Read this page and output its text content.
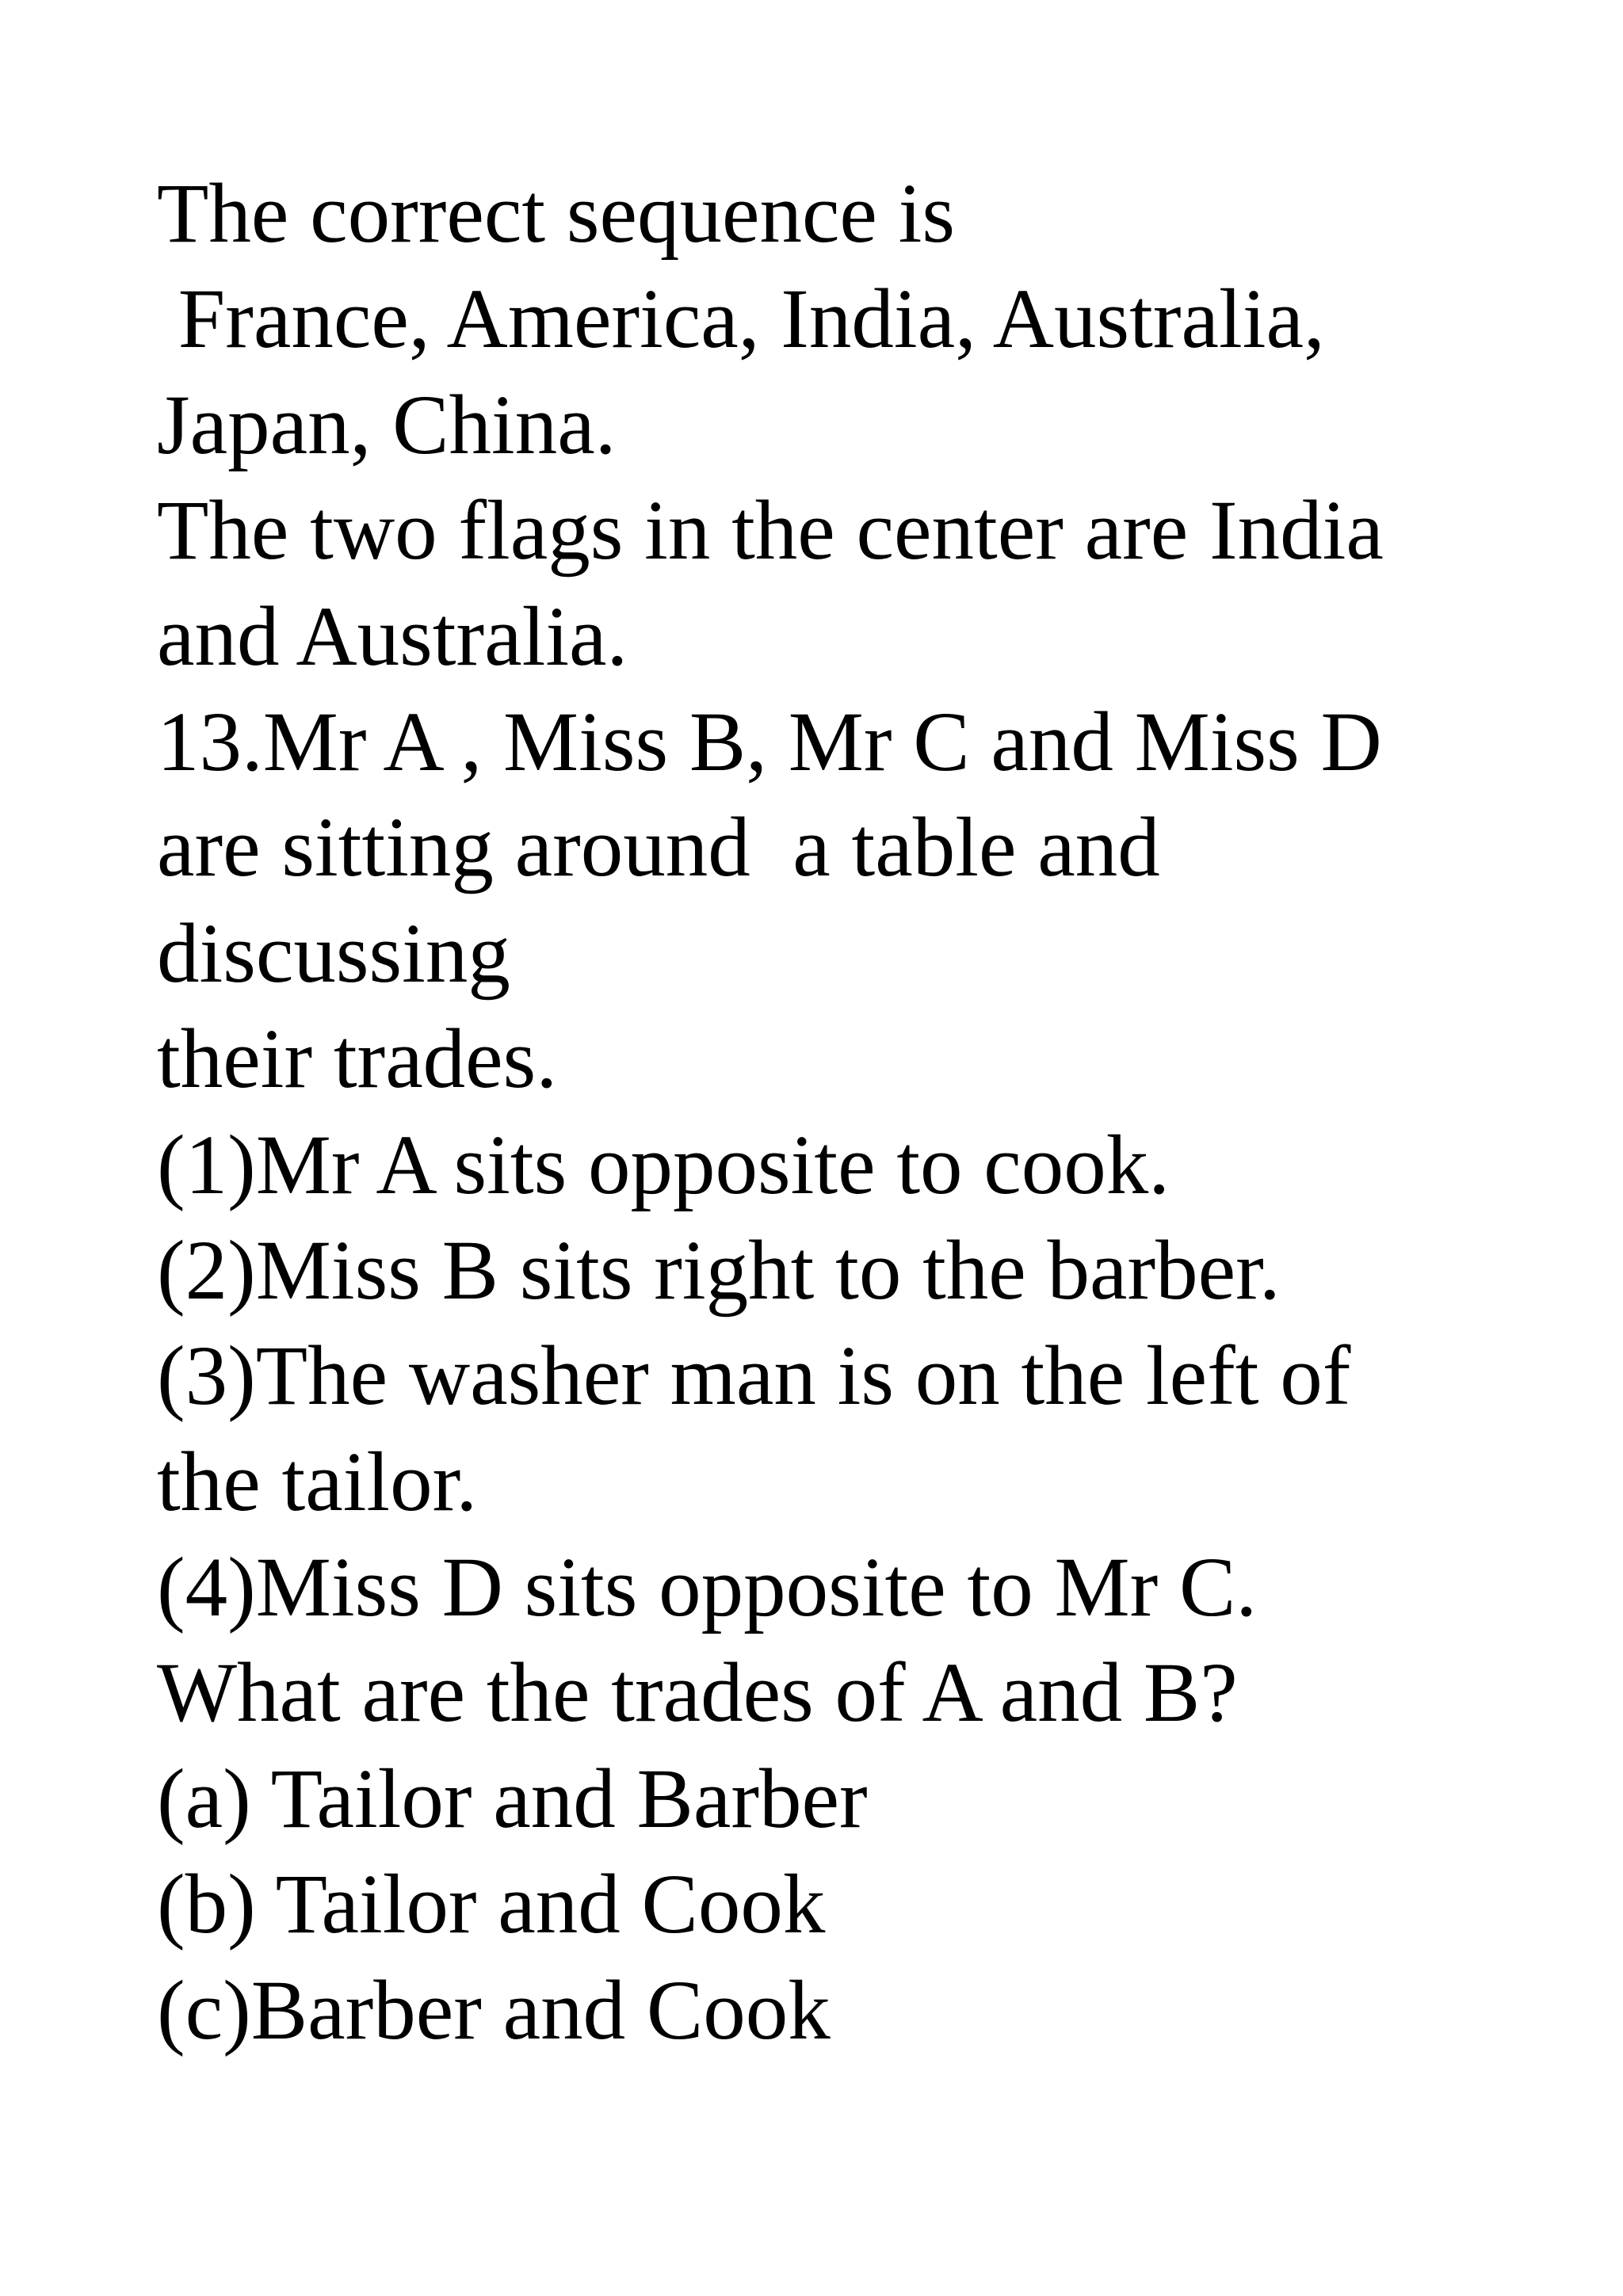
The correct sequence is

France, America, India, Australia,

Japan, China.

The two flags in the center are India

and Australia.

13.Mr A , Miss B, Mr C and Miss D

are sitting around  a table and

discussing

their trades.

(1)Mr A sits opposite to cook.

(2)Miss B sits right to the barber.

(3)The washer man is on the left of

the tailor.

(4)Miss D sits opposite to Mr C.

What are the trades of A and B?

(a) Tailor and Barber

(b) Tailor and Cook

(c)Barber and Cook
